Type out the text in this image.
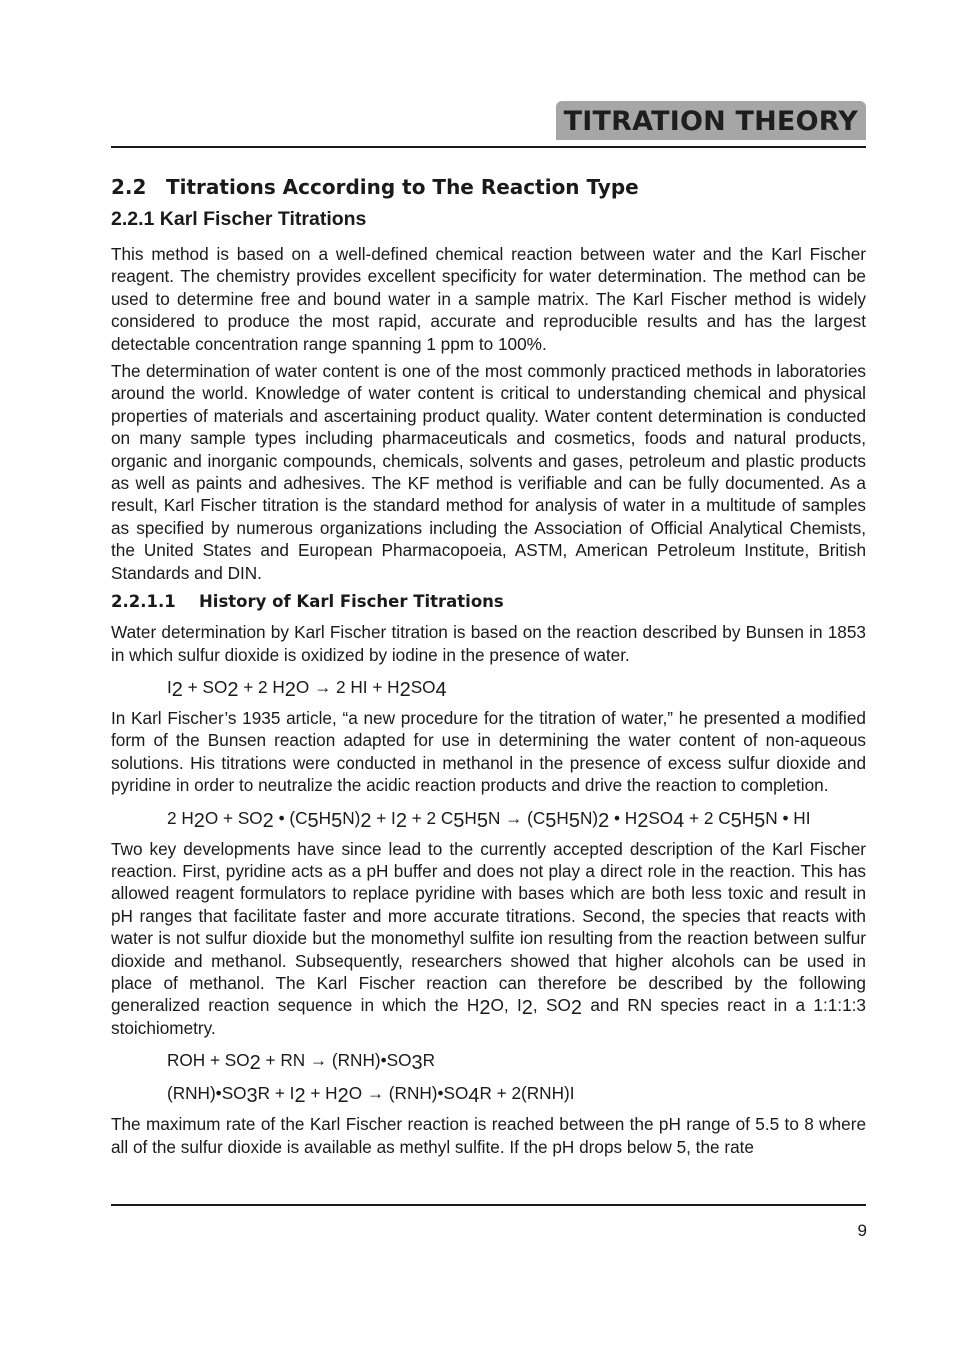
TITRATION THEORY
2.2 Titrations According to The Reaction Type
2.2.1 Karl Fischer Titrations

This method is based on a well-defined chemical reaction between water and the Karl Fischer reagent. The chemistry provides excellent specificity for water determination. The method can be used to determine free and bound water in a sample matrix. The Karl Fischer method is widely considered to produce the most rapid, accurate and reproducible results and has the largest detectable concentration range spanning 1 ppm to 100%.

The determination of water content is one of the most commonly practiced methods in laboratories around the world. Knowledge of water content is critical to understanding chemical and physical properties of materials and ascertaining product quality. Water content determination is conducted on many sample types including pharmaceuticals and cosmetics, foods and natural products, organic and inorganic compounds, chemicals, solvents and gases, petroleum and plastic products as well as paints and adhesives. The KF method is verifiable and can be fully documented. As a result, Karl Fischer titration is the standard method for analysis of water in a multitude of samples as specified by numerous organizations including the Association of Official Analytical Chemists, the United States and European Pharmacopoeia, ASTM, American Petroleum Institute, British Standards and DIN.

2.2.1.1 History of Karl Fischer Titrations

Water determination by Karl Fischer titration is based on the reaction described by Bunsen in 1853 in which sulfur dioxide is oxidized by iodine in the presence of water.

$I_2 + SO_2 + 2$ $H_2O \to 2$ HI + $H_2SO_4$

In Karl Fischer’s 1935 article, “a new procedure for the titration of water,” he presented a modified form of the Bunsen reaction adapted for use in determining the water content of non-aqueous solutions. His titrations were conducted in methanol in the presence of excess sulfur dioxide and pyridine in order to neutralize the acidic reaction products and drive the reaction to completion.

2 $H_2O + SO_2$ • $(C_5H_5N)_2 + I_2 + 2$ $C_5H_5N \to (C_5H_5N)_2$ • $H_2SO_4 + 2$ $C_5H_5N$ • HI

Two key developments have since lead to the currently accepted description of the Karl Fischer reaction. First, pyridine acts as a pH buffer and does not play a direct role in the reaction. This has allowed reagent formulators to replace pyridine with bases which are both less toxic and result in pH ranges that facilitate faster and more accurate titrations. Second, the species that reacts with water is not sulfur dioxide but the monomethyl sulfite ion resulting from the reaction between sulfur dioxide and methanol. Subsequently, researchers showed that higher alcohols can be used in place of methanol. The Karl Fischer reaction can therefore be described by the following generalized reaction sequence in which the $H_2O$, $I_2$, $SO_2$ and RN species react in a 1:1:1:3 stoichiometry.

ROH + $SO_2$ + RN → $(RNH)•SO_3R$
$(RNH)•SO_3R + I_2 + H_2O$ → $(RNH)•SO_4R + 2(RNH)I$

The maximum rate of the Karl Fischer reaction is reached between the pH range of 5.5 to 8 where all of the sulfur dioxide is available as methyl sulfite. If the pH drops below 5, the rate

9
